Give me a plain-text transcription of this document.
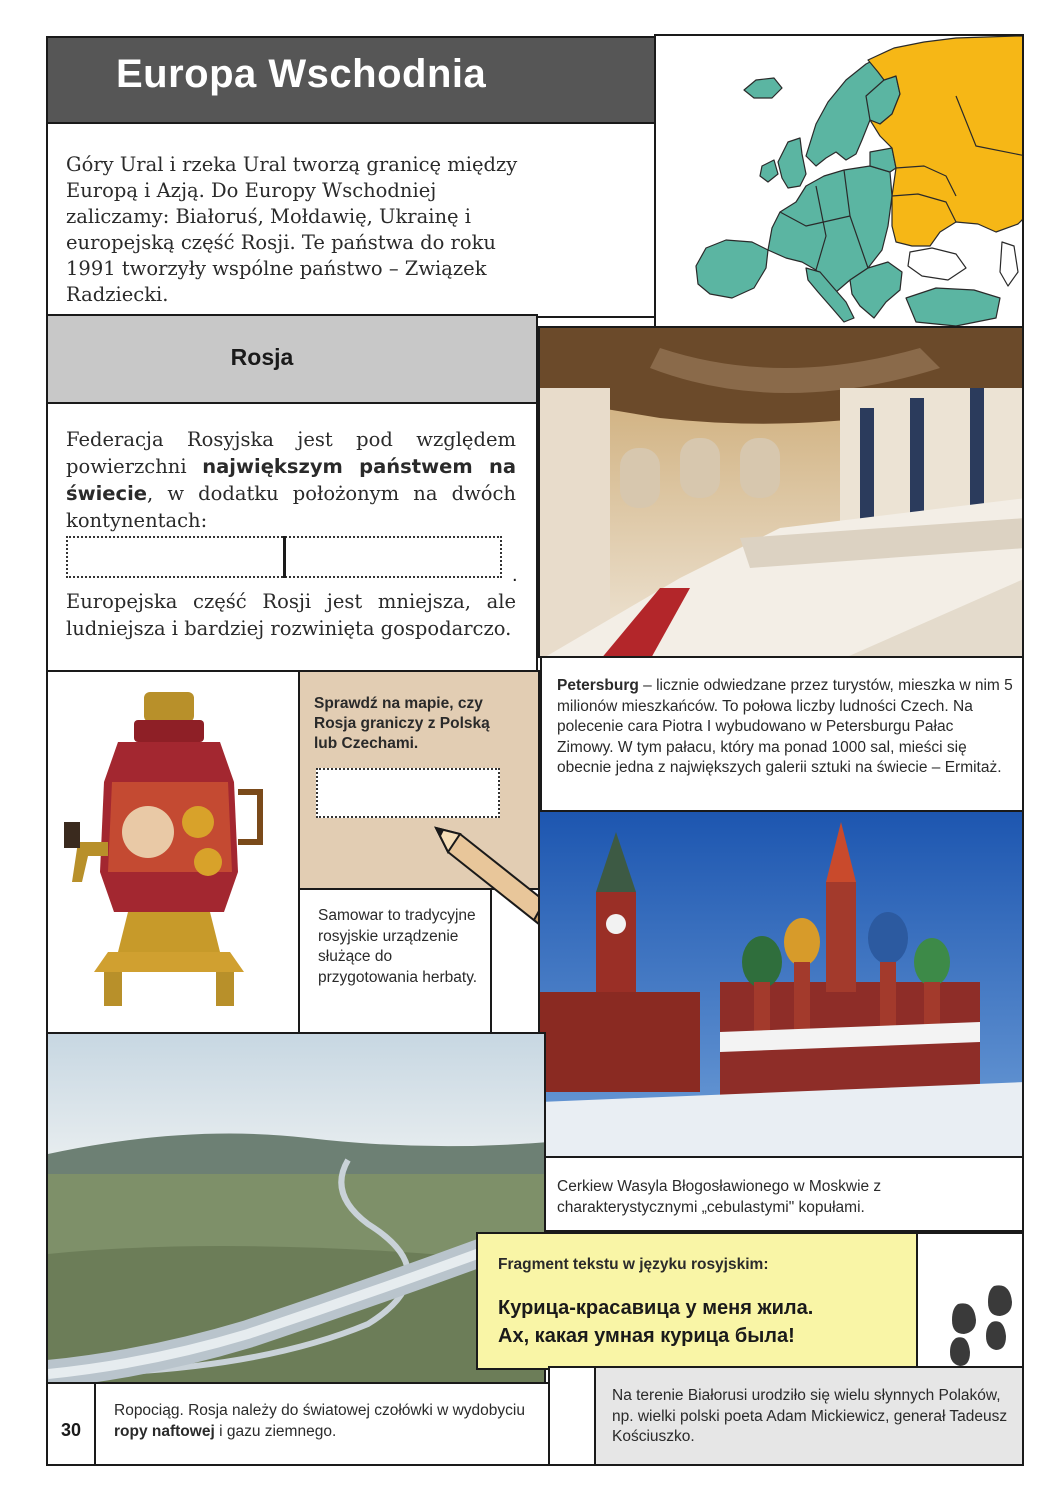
Europa Wschodnia
Góry Ural i rzeka Ural tworzą granicę między Europą i Azją. Do Europy Wschodniej zaliczamy: Białoruś, Mołdawię, Ukrainę i europejską część Rosji. Te państwa do roku 1991 tworzyły wspólne państwo – Związek Radziecki.
Rosja
Federacja Rosyjska jest pod względem powierzchni największym państwem na świecie, w dodatku położonym na dwóch kontynentach:
.
Europejska część Rosji jest mniejsza, ale ludniejsza i bardziej rozwinięta gospodarczo.
Sprawdź na mapie, czy Rosja graniczy z Polską lub Czechami.
Samowar to tradycyjne rosyjskie urządzenie służące do przygotowania herbaty.
Petersburg – licznie odwiedzane przez turystów, mieszka w nim 5 milionów mieszkańców. To połowa liczby ludności Czech. Na polecenie cara Piotra I wybudowano w Petersburgu Pałac Zimowy. W tym pałacu, który ma ponad 1000 sal, mieści się obecnie jedna z największych galerii sztuki na świecie – Ermitaż.
Cerkiew Wasyla Błogosławionego w Moskwie z charakterystycznymi „cebulastymi" kopułami.
Fragment tekstu w języku rosyjskim:
Курица-красавица у меня жила.
Ах, какая умная курица была!
30
Ropociąg. Rosja należy do światowej czołówki w wydobyciu ropy naftowej i gazu ziemnego.
Na terenie Białorusi urodziło się wielu słynnych Polaków, np. wielki polski poeta Adam Mickiewicz, generał Tadeusz Kościuszko.
